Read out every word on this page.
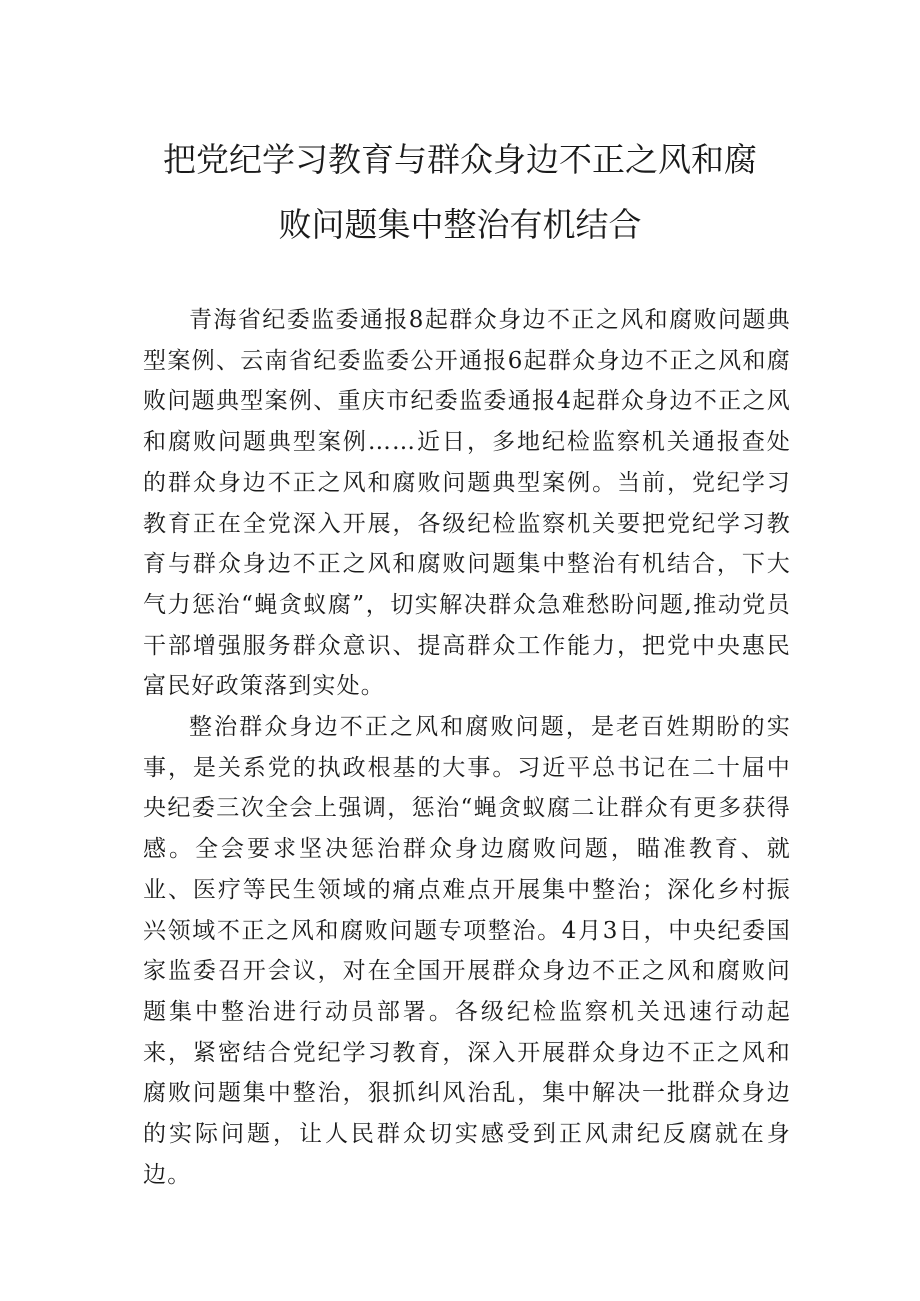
把党纪学习教育与群众身边不正之风和腐
败问题集中整治有机结合

青海省纪委监委通报8起群众身边不正之风和腐败问题典型案例、云南省纪委监委公开通报6起群众身边不正之风和腐败问题典型案例、重庆市纪委监委通报4起群众身边不正之风和腐败问题典型案例……近日，多地纪检监察机关通报查处的群众身边不正之风和腐败问题典型案例。当前，党纪学习教育正在全党深入开展，各级纪检监察机关要把党纪学习教育与群众身边不正之风和腐败问题集中整治有机结合，下大气力惩治“蝇贪蚁腐”，切实解决群众急难愁盼问题,推动党员干部增强服务群众意识、提高群众工作能力，把党中央惠民富民好政策落到实处。

整治群众身边不正之风和腐败问题，是老百姓期盼的实事，是关系党的执政根基的大事。习近平总书记在二十届中央纪委三次全会上强调，惩治“蝇贪蚁腐二让群众有更多获得感。全会要求坚决惩治群众身边腐败问题，瞄准教育、就业、医疗等民生领域的痛点难点开展集中整治；深化乡村振兴领域不正之风和腐败问题专项整治。4月3日，中央纪委国家监委召开会议，对在全国开展群众身边不正之风和腐败问题集中整治进行动员部署。各级纪检监察机关迅速行动起来，紧密结合党纪学习教育，深入开展群众身边不正之风和腐败问题集中整治，狠抓纠风治乱，集中解决一批群众身边的实际问题，让人民群众切实感受到正风肃纪反腐就在身边。
